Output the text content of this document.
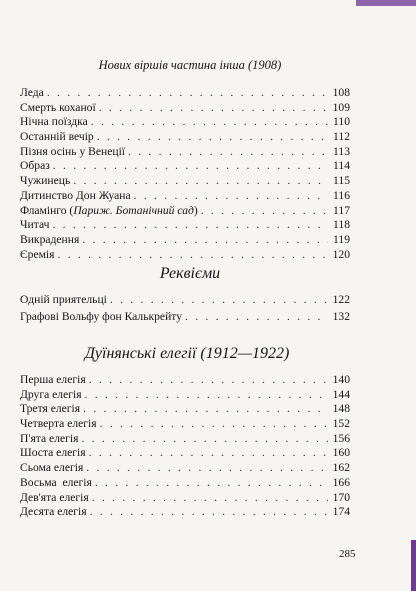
Нових віршів частина інша (1908)
Леда . . .	108
Смерть коханої . . .	109
Нічна поїздка . . .	110
Останній вечір . . .	112
Пізня осінь у Венеції . . .	113
Образ . . .	114
Чужинець . . .	115
Дитинство Дон Жуана . . .	116
Фламінго (Париж. Ботанічний сад) . . .	117
Читач . . .	118
Викрадення . . .	119
Єремія . . .	120
Реквієми
Одній приятельці . . .	122
Графові Вольфу фон Калькрейту . . .	132
Дуїнянські елегії (1912—1922)
Перша елегія . . .	140
Друга елегія . . .	144
Третя елегія . . .	148
Четверта елегія . . .	152
П'ята елегія . . .	156
Шоста елегія . . .	160
Сьома елегія . . .	162
Восьма  елегія . . .	166
Дев'ята елегія . . .	170
Десята елегія . . .	174
285
